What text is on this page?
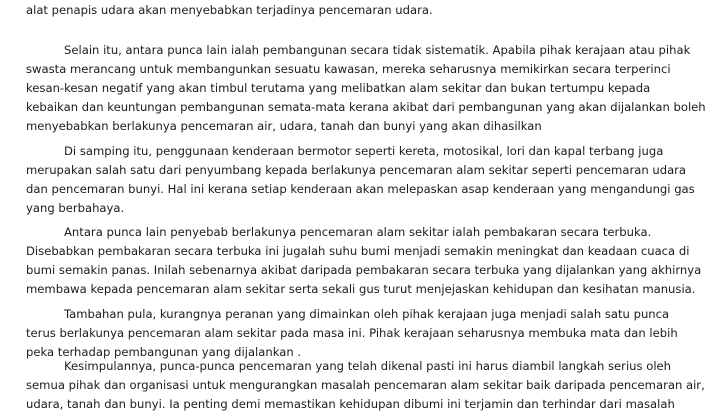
alat penapis udara akan menyebabkan terjadinya pencemaran udara.
Selain itu, antara punca lain ialah pembangunan secara tidak sistematik. Apabila pihak kerajaan atau pihak
swasta merancang untuk membangunkan sesuatu kawasan, mereka seharusnya memikirkan secara terperinci
kesan-kesan negatif yang akan timbul terutama yang melibatkan alam sekitar dan bukan tertumpu kepada
kebaikan dan keuntungan pembangunan semata-mata kerana akibat dari pembangunan yang akan dijalankan boleh
menyebabkan berlakunya pencemaran air, udara, tanah dan bunyi yang akan dihasilkan
Di samping itu, penggunaan kenderaan bermotor seperti kereta, motosikal, lori dan kapal terbang juga
merupakan salah satu dari penyumbang kepada berlakunya pencemaran alam sekitar seperti pencemaran udara
dan pencemaran bunyi. Hal ini kerana setiap kenderaan akan melepaskan asap kenderaan yang mengandungi gas
yang berbahaya.
Antara punca lain penyebab berlakunya pencemaran alam sekitar ialah pembakaran secara terbuka.
Disebabkan pembakaran secara terbuka ini jugalah suhu bumi menjadi semakin meningkat dan keadaan cuaca di
bumi semakin panas. Inilah sebenarnya akibat daripada pembakaran secara terbuka yang dijalankan yang akhirnya
membawa kepada pencemaran alam sekitar serta sekali gus turut menjejaskan kehidupan dan kesihatan manusia.
Tambahan pula, kurangnya peranan yang dimainkan oleh pihak kerajaan juga menjadi salah satu punca
terus berlakunya pencemaran alam sekitar pada masa ini. Pihak kerajaan seharusnya membuka mata dan lebih
peka terhadap pembangunan yang dijalankan .
Kesimpulannya, punca-punca pencemaran yang telah dikenal pasti ini harus diambil langkah serius oleh
semua pihak dan organisasi untuk mengurangkan masalah pencemaran alam sekitar baik daripada pencemaran air,
udara, tanah dan bunyi. Ia penting demi memastikan kehidupan dibumi ini terjamin dan terhindar dari masalah
